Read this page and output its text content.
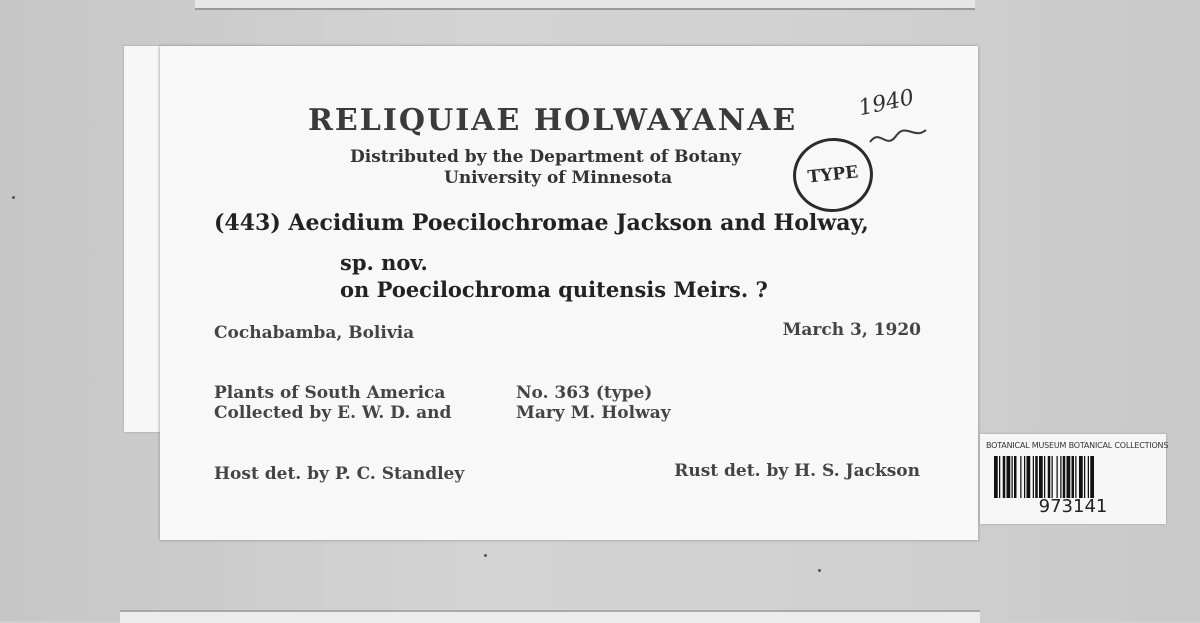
RELIQUIAE HOLWAYANAE
Distributed by the Department of Botany
University of Minnesota
(443) Aecidium Poecilochromae Jackson and Holway,
sp. nov.
on Poecilochroma quitensis Meirs. ?
Cochabamba, Bolivia	March 3, 1920
Plants of South America	No. 363 (type)
Collected by E. W. D. and	Mary M. Holway
Host det. by P. C. Standley	Rust det. by H. S. Jackson
1940
TYPE
BOTANICAL MUSEUM BOTANICAL COLLECTIONS
973141
